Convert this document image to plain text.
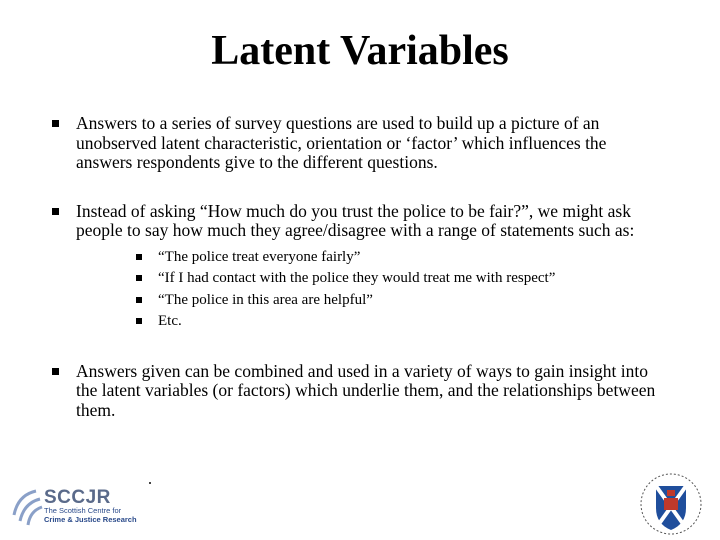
Latent Variables
Answers to a series of survey questions are used to build up a picture of an unobserved latent characteristic, orientation or ‘factor’ which influences the answers respondents give to the different questions.
Instead of asking “How much do you trust the police to be fair?”, we might ask people to say how much they agree/disagree with a range of statements such as:
“The police treat everyone fairly”
“If I had contact with the police they would treat me with respect”
“The police in this area are helpful”
Etc.
Answers given can be combined and used in a variety of ways to gain insight into the latent variables (or factors) which underlie them, and the relationships between them.
SCCJR
The Scottish Centre for
Crime & Justice Research
